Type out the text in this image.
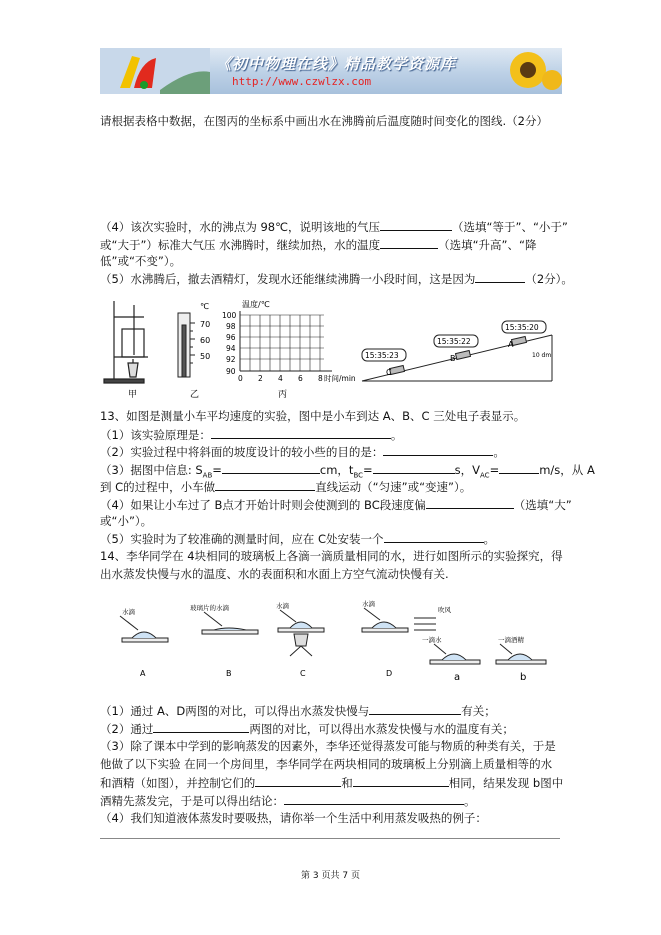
《初中物理在线》精品教学资源库
http://www.czwlzx.com
请根据表格中数据，在图丙的坐标系中画出水在沸腾前后温度随时间变化的图线.（2分）
（4）该次实验时，水的沸点为 98℃，说明该地的气压	（选填“等于”、“小于”
或“大于”）标准大气压 水沸腾时，继续加热，水的温度	（选填“升高”、“降
低”或“不变”）。
（5）水沸腾后，撤去酒精灯，发现水还能继续沸腾一小段时间，这是因为	（2分）。
℃
70
60
50
温度/℃
100
98
96
94
92
90
0 2 4 6 8 时间/min
15:35:23
15:35:22
15:35:20
C
B
A
10 dm
甲	乙	丙
13、如图是测量小车平均速度的实验，图中是小车到达 A、B、C 三处电子表显示。
（1）该实验原理是：	。
（2）实验过程中将斜面的坡度设计的较小些的目的是：	。
（3）据图中信息: $S_{AB}=$	cm，$t_{BC}=$	s，$V_{AC}=$	m/s，从 A
到 C的过程中，小车做	直线运动（“匀速”或“变速”）。
（4）如果让小车过了 B点才开始计时则会使测到的 BC段速度偏	（选填“大”
或“小”）。
（5）实验时为了较准确的测量时间，应在 C处安装一个	。
14、李华同学在 4块相同的玻璃板上各滴一滴质量相同的水，进行如图所示的实验探究，得
出水蒸发快慢与水的温度、水的表面积和水面上方空气流动快慢有关.
水滴	玻璃片的水滴	水滴	水滴
吹风
一滴水	一滴酒精
A	B	C	D	a	b
（1）通过 A、D两图的对比，可以得出水蒸发快慢与	有关；
（2）通过	两图的对比，可以得出水蒸发快慢与水的温度有关；
（3）除了课本中学到的影响蒸发的因素外，李华还觉得蒸发可能与物质的种类有关，于是
他做了以下实验 在同一个房间里，李华同学在两块相同的玻璃板上分别滴上质量相等的水
和酒精（如图），并控制它们的	和	相同，结果发现 b图中
酒精先蒸发完，于是可以得出结论：	。
（4）我们知道液体蒸发时要吸热，请你举一个生活中利用蒸发吸热的例子：
第 3 页共 7 页
